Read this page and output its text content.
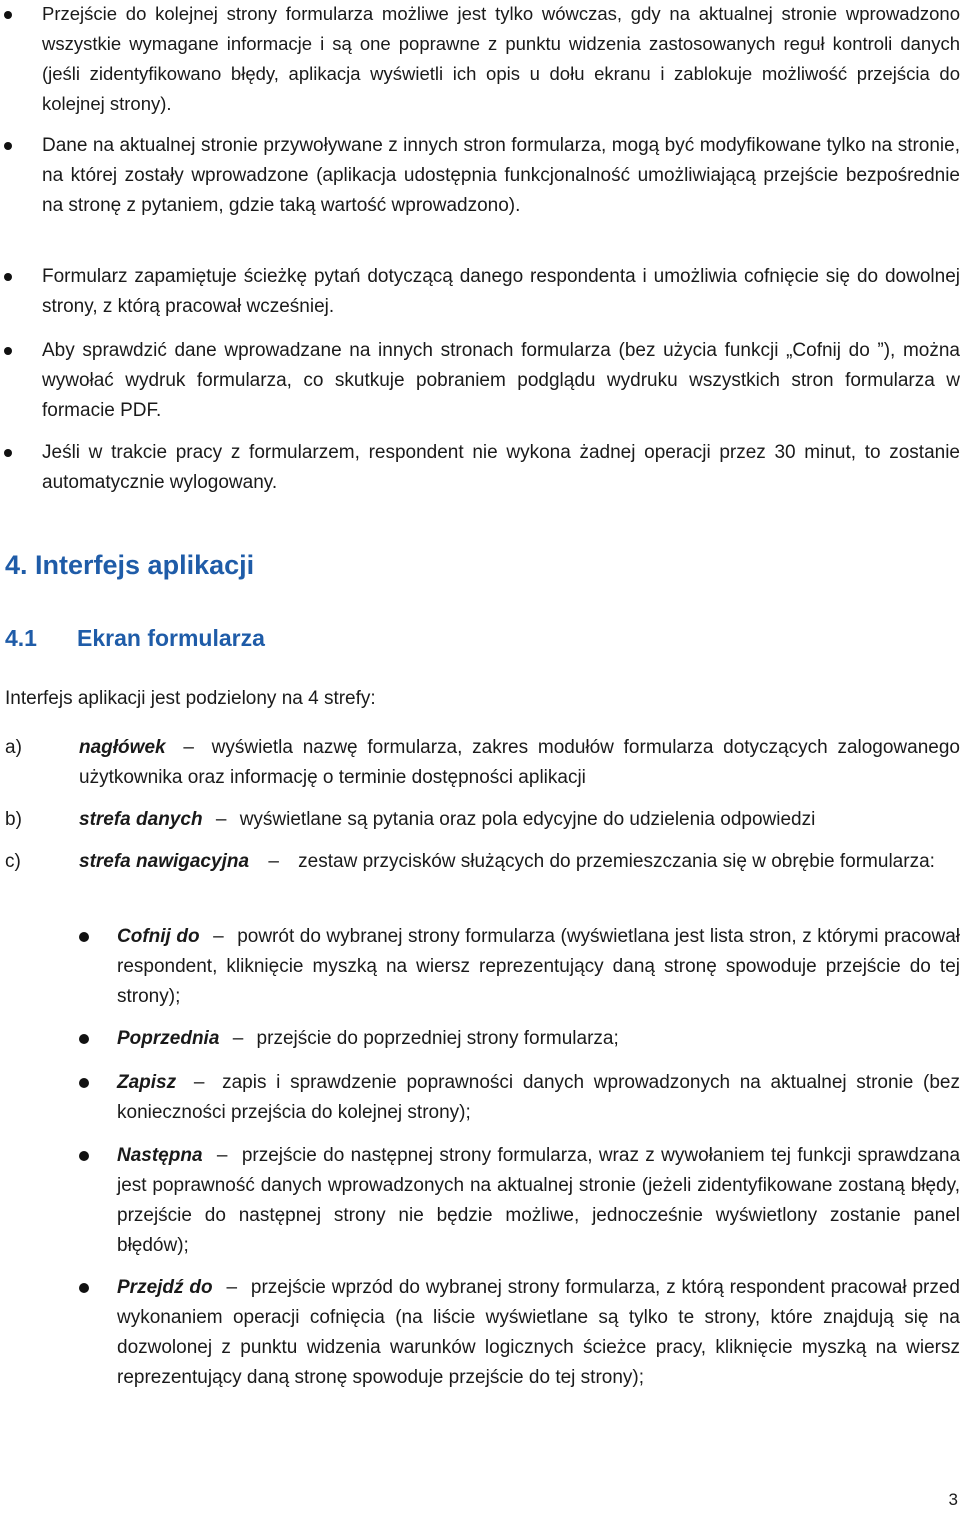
Przejście do kolejnej strony formularza możliwe jest tylko wówczas, gdy na aktualnej stronie wprowadzono wszystkie wymagane informacje i są one poprawne z punktu widzenia zastosowanych reguł kontroli danych (jeśli zidentyfikowano błędy, aplikacja wyświetli ich opis u dołu ekranu i zablokuje możliwość przejścia do kolejnej strony).

Dane na aktualnej stronie przywoływane z innych stron formularza, mogą być modyfikowane tylko na stronie, na której zostały wprowadzone (aplikacja udostępnia funkcjonalność umożliwiającą przejście bezpośrednie na stronę z pytaniem, gdzie taką wartość wprowadzono).

Formularz zapamiętuje ścieżkę pytań dotyczącą danego respondenta i umożliwia cofnięcie się do dowolnej strony, z którą pracował wcześniej.

Aby sprawdzić dane wprowadzane na innych stronach formularza (bez użycia funkcji „Cofnij do ”), można wywołać wydruk formularza, co skutkuje pobraniem podglądu wydruku wszystkich stron formularza w formacie PDF.

Jeśli w trakcie pracy z formularzem, respondent nie wykona żadnej operacji przez 30 minut, to zostanie automatycznie wylogowany.

4. Interfejs aplikacji
4.1 Ekran formularza

Interfejs aplikacji jest podzielony na 4 strefy:

a)	nagłówek – wyświetla nazwę formularza, zakres modułów formularza dotyczących zalogowanego użytkownika oraz informację o terminie dostępności aplikacji

b)	strefa danych – wyświetlane są pytania oraz pola edycyjne do udzielenia odpowiedzi

c)	strefa nawigacyjna – zestaw przycisków służących do przemieszczania się w obrębie formularza:

Cofnij do – powrót do wybranej strony formularza (wyświetlana jest lista stron, z którymi pracował respondent, kliknięcie myszką na wiersz reprezentujący daną stronę spowoduje przejście do tej strony);

Poprzednia – przejście do poprzedniej strony formularza;

Zapisz – zapis i sprawdzenie poprawności danych wprowadzonych na aktualnej stronie (bez konieczności przejścia do kolejnej strony);

Następna – przejście do następnej strony formularza, wraz z wywołaniem tej funkcji sprawdzana jest poprawność danych wprowadzonych na aktualnej stronie (jeżeli zidentyfikowane zostaną błędy, przejście do następnej strony nie będzie możliwe, jednocześnie wyświetlony zostanie panel błędów);

Przejdź do – przejście wprzód do wybranej strony formularza, z którą respondent pracował przed wykonaniem operacji cofnięcia (na liście wyświetlane są tylko te strony, które znajdują się na dozwolonej z punktu widzenia warunków logicznych ścieżce pracy, kliknięcie myszką na wiersz reprezentujący daną stronę spowoduje przejście do tej strony);

3
